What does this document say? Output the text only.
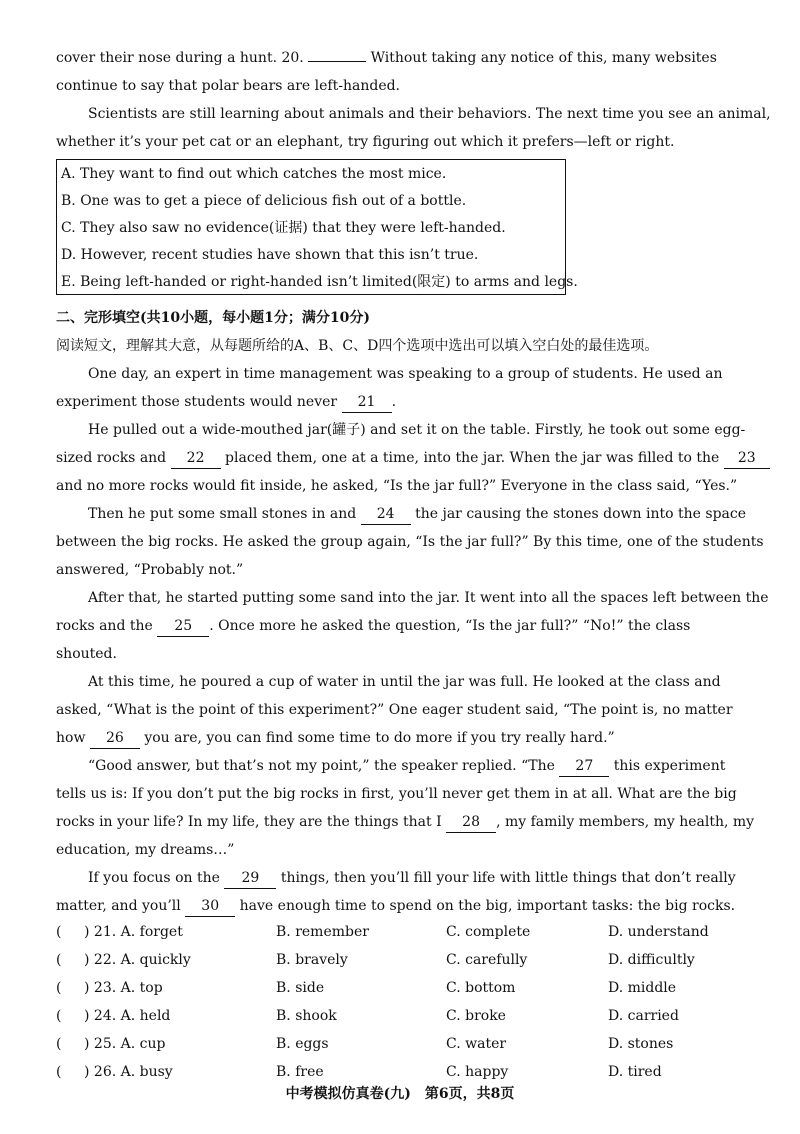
cover their nose during a hunt. 20.	Without taking any notice of this, many websites
continue to say that polar bears are left-handed.
Scientists are still learning about animals and their behaviors. The next time you see an animal,
whether it’s your pet cat or an elephant, try figuring out which it prefers—left or right.
A. They want to find out which catches the most mice.
B. One was to get a piece of delicious fish out of a bottle.
C. They also saw no evidence(证据) that they were left-handed.
D. However, recent studies have shown that this isn’t true.
E. Being left-handed or right-handed isn’t limited(限定) to arms and legs.
二、完形填空(共10小题，每小题1分；满分10分)
阅读短文，理解其大意，从每题所给的A、B、C、D四个选项中选出可以填入空白处的最佳选项。
One day, an expert in time management was speaking to a group of students. He used an
experiment those students would never 21 .
He pulled out a wide-mouthed jar(罐子) and set it on the table. Firstly, he took out some egg-
sized rocks and 22 placed them, one at a time, into the jar. When the jar was filled to the 23
and no more rocks would fit inside, he asked, “Is the jar full?” Everyone in the class said, “Yes.”
Then he put some small stones in and 24 the jar causing the stones down into the space
between the big rocks. He asked the group again, “Is the jar full?” By this time, one of the students
answered, “Probably not.”
After that, he started putting some sand into the jar. It went into all the spaces left between the
rocks and the 25 . Once more he asked the question, “Is the jar full?” “No!” the class
shouted.
At this time, he poured a cup of water in until the jar was full. He looked at the class and
asked, “What is the point of this experiment?” One eager student said, “The point is, no matter
how 26 you are, you can find some time to do more if you try really hard.”
“Good answer, but that’s not my point,” the speaker replied. “The 27 this experiment
tells us is: If you don’t put the big rocks in first, you’ll never get them in at all. What are the big
rocks in your life? In my life, they are the things that I 28 , my family members, my health, my
education, my dreams…”
If you focus on the 29 things, then you’ll fill your life with little things that don’t really
matter, and you’ll 30 have enough time to spend on the big, important tasks: the big rocks.
( ) 21. A. forget	B. remember	C. complete	D. understand
( ) 22. A. quickly	B. bravely	C. carefully	D. difficultly
( ) 23. A. top	B. side	C. bottom	D. middle
( ) 24. A. held	B. shook	C. broke	D. carried
( ) 25. A. cup	B. eggs	C. water	D. stones
( ) 26. A. busy	B. free	C. happy	D. tired
中考模拟仿真卷(九)　第6页，共8页
